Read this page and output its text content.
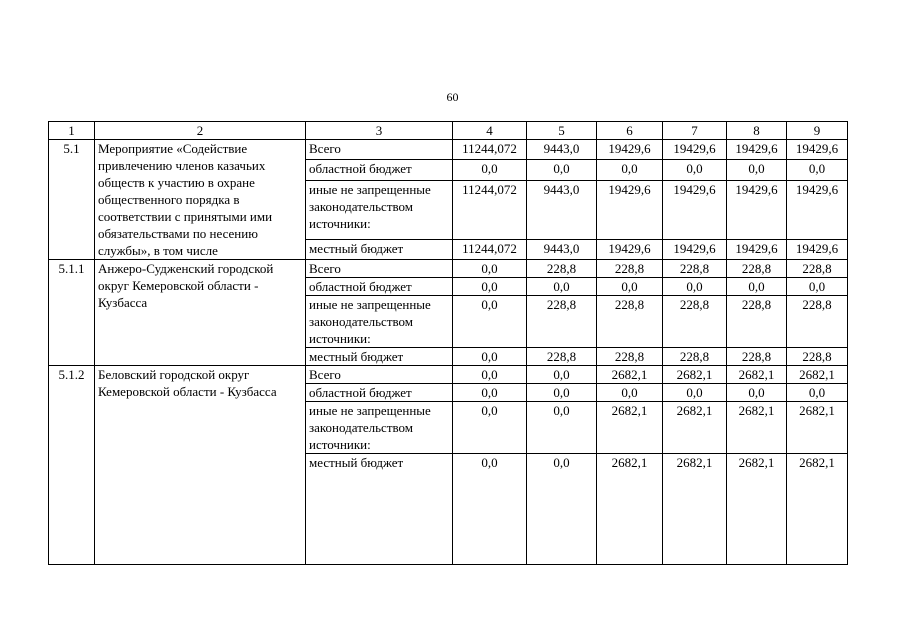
60
1	2	3	4	5	6	7	8	9
5.1	Мероприятие «Содействие привлечению членов казачьих обществ к участию в охране общественного порядка в соответствии с принятыми ими обязательствами по несению службы», в том числе	Всего	11244,072	9443,0	19429,6	19429,6	19429,6	19429,6
		областной бюджет	0,0	0,0	0,0	0,0	0,0	0,0
		иные не запрещенные законодательством источники:	11244,072	9443,0	19429,6	19429,6	19429,6	19429,6
		местный бюджет	11244,072	9443,0	19429,6	19429,6	19429,6	19429,6
5.1.1	Анжеро-Судженский городской округ Кемеровской области - Кузбасса	Всего	0,0	228,8	228,8	228,8	228,8	228,8
		областной бюджет	0,0	0,0	0,0	0,0	0,0	0,0
		иные не запрещенные законодательством источники:	0,0	228,8	228,8	228,8	228,8	228,8
		местный бюджет	0,0	228,8	228,8	228,8	228,8	228,8
5.1.2	Беловский городской округ Кемеровской области - Кузбасса	Всего	0,0	0,0	2682,1	2682,1	2682,1	2682,1
		областной бюджет	0,0	0,0	0,0	0,0	0,0	0,0
		иные не запрещенные законодательством источники:	0,0	0,0	2682,1	2682,1	2682,1	2682,1
		местный бюджет	0,0	0,0	2682,1	2682,1	2682,1	2682,1
